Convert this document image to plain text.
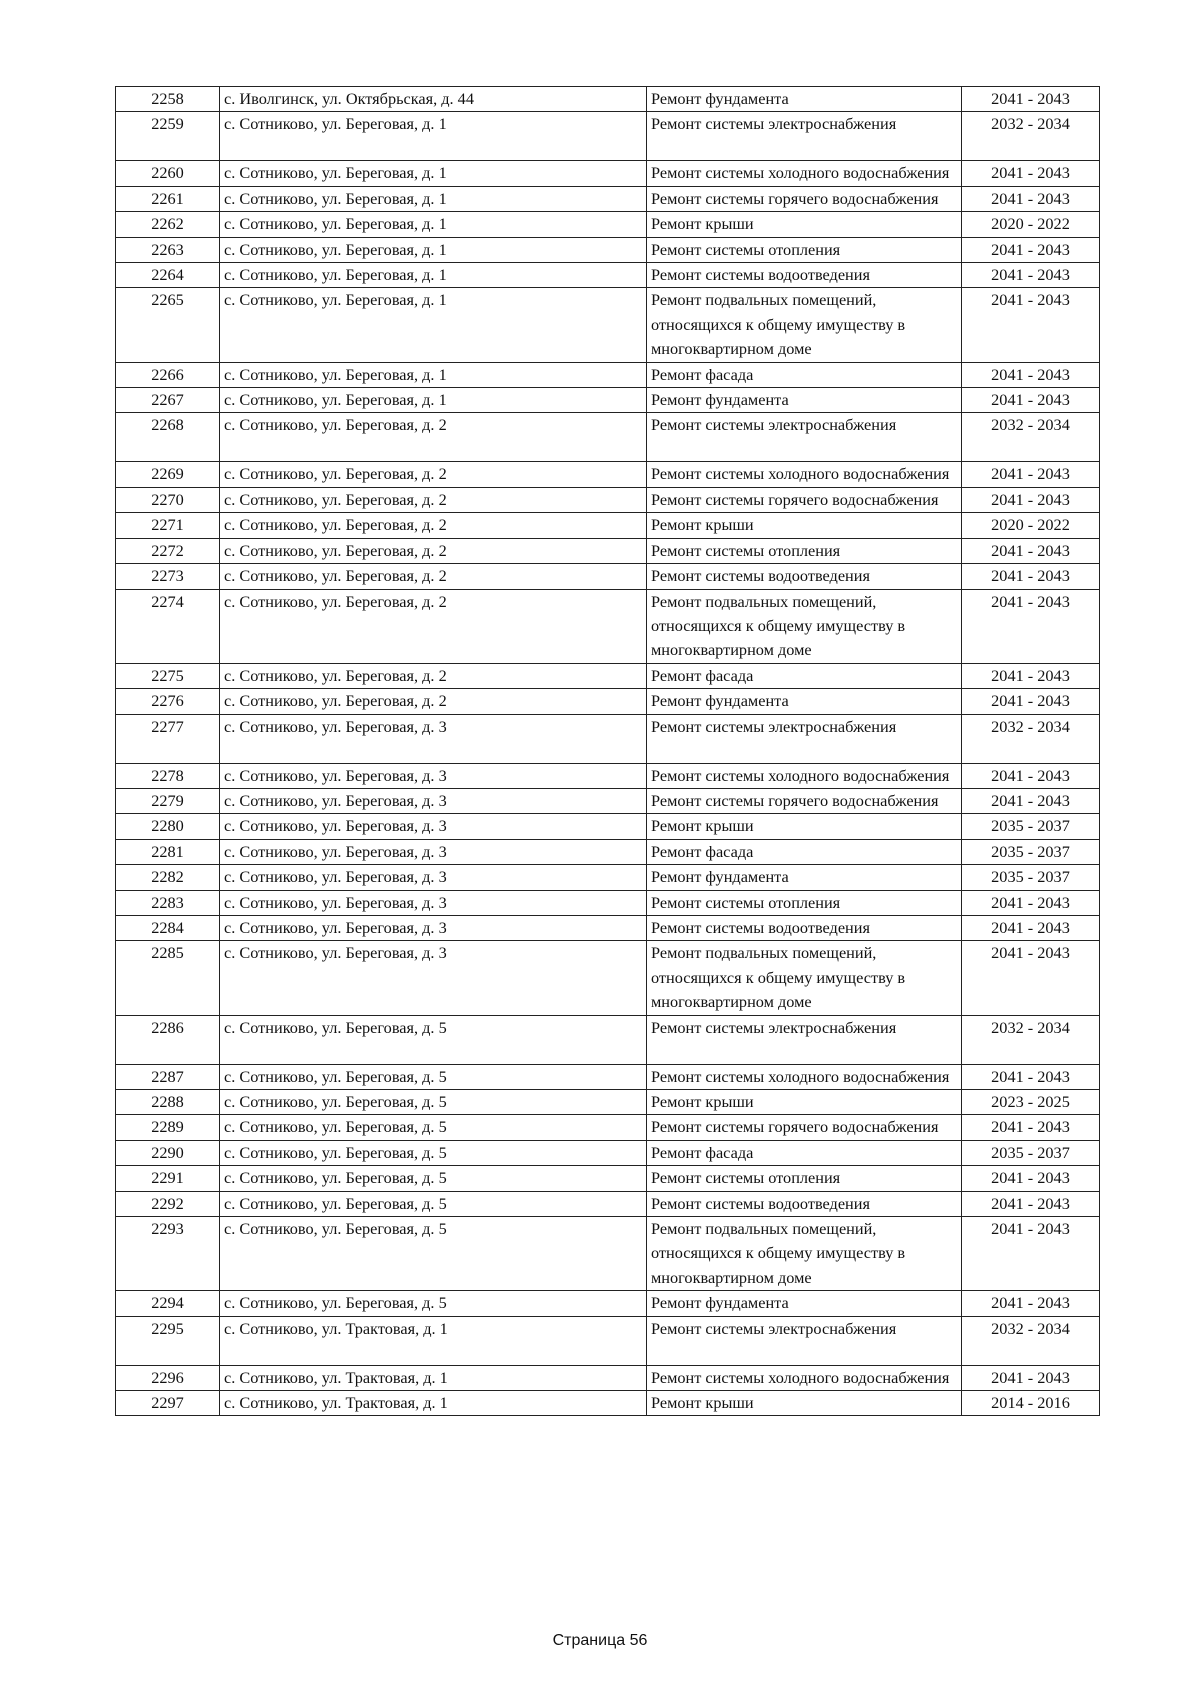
2258	с. Иволгинск, ул. Октябрьская, д. 44	Ремонт фундамента	2041 - 2043
2259	с. Сотниково, ул. Береговая, д. 1	Ремонт системы электроснабжения	2032 - 2034
2260	с. Сотниково, ул. Береговая, д. 1	Ремонт системы холодного водоснабжения	2041 - 2043
2261	с. Сотниково, ул. Береговая, д. 1	Ремонт системы горячего водоснабжения	2041 - 2043
2262	с. Сотниково, ул. Береговая, д. 1	Ремонт крыши	2020 - 2022
2263	с. Сотниково, ул. Береговая, д. 1	Ремонт системы отопления	2041 - 2043
2264	с. Сотниково, ул. Береговая, д. 1	Ремонт системы водоотведения	2041 - 2043
2265	с. Сотниково, ул. Береговая, д. 1	Ремонт подвальных помещений, относящихся к общему имуществу в многоквартирном доме	2041 - 2043
2266	с. Сотниково, ул. Береговая, д. 1	Ремонт фасада	2041 - 2043
2267	с. Сотниково, ул. Береговая, д. 1	Ремонт фундамента	2041 - 2043
2268	с. Сотниково, ул. Береговая, д. 2	Ремонт системы электроснабжения	2032 - 2034
2269	с. Сотниково, ул. Береговая, д. 2	Ремонт системы холодного водоснабжения	2041 - 2043
2270	с. Сотниково, ул. Береговая, д. 2	Ремонт системы горячего водоснабжения	2041 - 2043
2271	с. Сотниково, ул. Береговая, д. 2	Ремонт крыши	2020 - 2022
2272	с. Сотниково, ул. Береговая, д. 2	Ремонт системы отопления	2041 - 2043
2273	с. Сотниково, ул. Береговая, д. 2	Ремонт системы водоотведения	2041 - 2043
2274	с. Сотниково, ул. Береговая, д. 2	Ремонт подвальных помещений, относящихся к общему имуществу в многоквартирном доме	2041 - 2043
2275	с. Сотниково, ул. Береговая, д. 2	Ремонт фасада	2041 - 2043
2276	с. Сотниково, ул. Береговая, д. 2	Ремонт фундамента	2041 - 2043
2277	с. Сотниково, ул. Береговая, д. 3	Ремонт системы электроснабжения	2032 - 2034
2278	с. Сотниково, ул. Береговая, д. 3	Ремонт системы холодного водоснабжения	2041 - 2043
2279	с. Сотниково, ул. Береговая, д. 3	Ремонт системы горячего водоснабжения	2041 - 2043
2280	с. Сотниково, ул. Береговая, д. 3	Ремонт крыши	2035 - 2037
2281	с. Сотниково, ул. Береговая, д. 3	Ремонт фасада	2035 - 2037
2282	с. Сотниково, ул. Береговая, д. 3	Ремонт фундамента	2035 - 2037
2283	с. Сотниково, ул. Береговая, д. 3	Ремонт системы отопления	2041 - 2043
2284	с. Сотниково, ул. Береговая, д. 3	Ремонт системы водоотведения	2041 - 2043
2285	с. Сотниково, ул. Береговая, д. 3	Ремонт подвальных помещений, относящихся к общему имуществу в многоквартирном доме	2041 - 2043
2286	с. Сотниково, ул. Береговая, д. 5	Ремонт системы электроснабжения	2032 - 2034
2287	с. Сотниково, ул. Береговая, д. 5	Ремонт системы холодного водоснабжения	2041 - 2043
2288	с. Сотниково, ул. Береговая, д. 5	Ремонт крыши	2023 - 2025
2289	с. Сотниково, ул. Береговая, д. 5	Ремонт системы горячего водоснабжения	2041 - 2043
2290	с. Сотниково, ул. Береговая, д. 5	Ремонт фасада	2035 - 2037
2291	с. Сотниково, ул. Береговая, д. 5	Ремонт системы отопления	2041 - 2043
2292	с. Сотниково, ул. Береговая, д. 5	Ремонт системы водоотведения	2041 - 2043
2293	с. Сотниково, ул. Береговая, д. 5	Ремонт подвальных помещений, относящихся к общему имуществу в многоквартирном доме	2041 - 2043
2294	с. Сотниково, ул. Береговая, д. 5	Ремонт фундамента	2041 - 2043
2295	с. Сотниково, ул. Трактовая, д. 1	Ремонт системы электроснабжения	2032 - 2034
2296	с. Сотниково, ул. Трактовая, д. 1	Ремонт системы холодного водоснабжения	2041 - 2043
2297	с. Сотниково, ул. Трактовая, д. 1	Ремонт крыши	2014 - 2016
Страница 56
